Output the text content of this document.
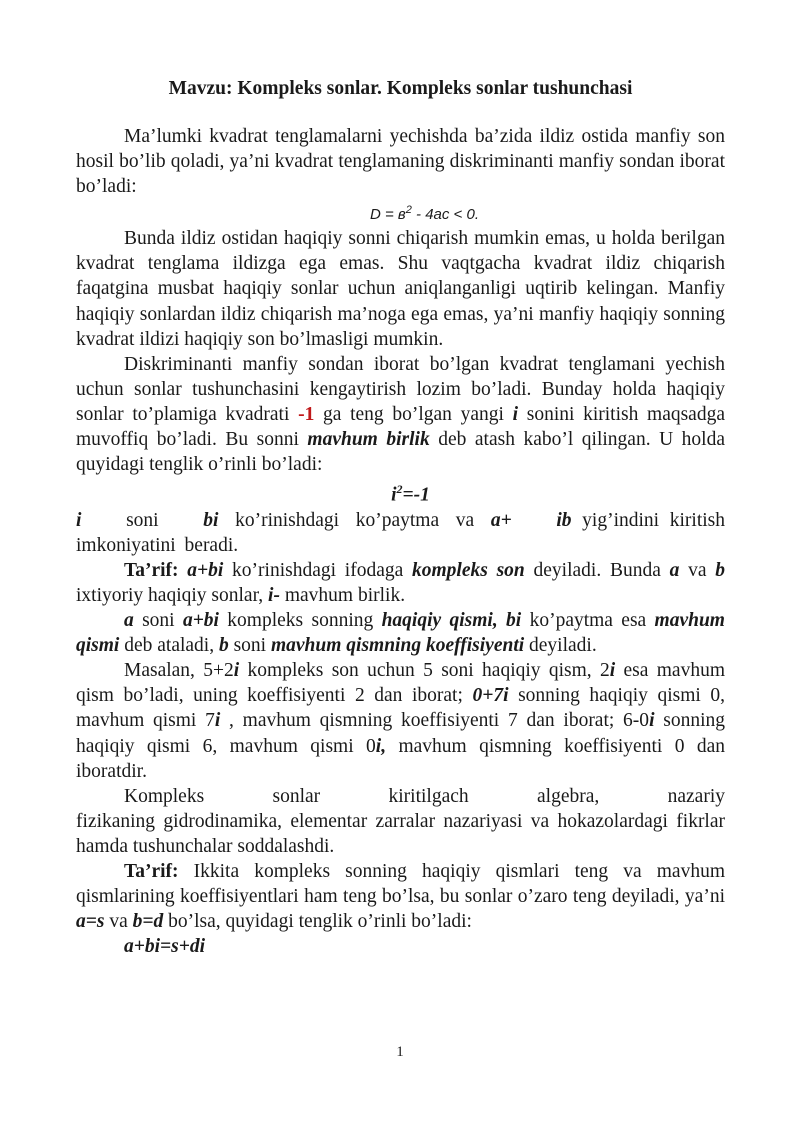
Mavzu: Kompleks sonlar. Kompleks sonlar tushunchasi

Ma’lumki kvadrat tenglamalarni yechishda ba’zida ildiz ostida manfiy son hosil bo’lib qoladi, ya’ni kvadrat tenglamaning diskriminanti manfiy sondan iborat bo’ladi:

$D = в^2 - 4ac < 0$.

Bunda ildiz ostidan haqiqiy sonni chiqarish mumkin emas, u holda berilgan kvadrat tenglama ildizga ega emas. Shu vaqtgacha kvadrat ildiz chiqarish faqatgina musbat haqiqiy sonlar uchun aniqlanganligi uqtirib kelingan. Manfiy haqiqiy sonlardan ildiz chiqarish ma’noga ega emas, ya’ni manfiy haqiqiy sonning kvadrat ildizi haqiqiy son bo’lmasligi mumkin.

Diskriminanti manfiy sondan iborat bo’lgan kvadrat tenglamani yechish uchun sonlar tushunchasini kengaytirish lozim bo’ladi. Bunday holda haqiqiy sonlar to’plamiga kvadrati -1 ga teng bo’lgan yangi i sonini kiritish maqsadga muvoffiq bo’ladi. Bu sonni mavhum birlik deb atash kabo’l qilingan. U holda quyidagi tenglik o’rinli bo’ladi:

$i^2=-1$

i soni bi ko’rinishdagi ko’paytma va a+ ib yig’indini kiritish imkoniyatini beradi.

Ta’rif: a+bi ko’rinishdagi ifodaga kompleks son deyiladi. Bunda a va b ixtiyoriy haqiqiy sonlar, i- mavhum birlik.

a soni a+bi kompleks sonning haqiqiy qismi, bi ko’paytma esa mavhum qismi deb ataladi, b soni mavhum qismning koeffisiyenti deyiladi.

Masalan, 5+2i kompleks son uchun 5 soni haqiqiy qism, 2i esa mavhum qism bo’ladi, uning koeffisiyenti 2 dan iborat; 0+7i sonning haqiqiy qismi 0, mavhum qismi 7i , mavhum qismning koeffisiyenti 7 dan iborat; 6-0i sonning haqiqiy qismi 6, mavhum qismi 0i, mavhum qismning koeffisiyenti 0 dan iboratdir.

Kompleks sonlar kiritilgach algebra, nazariy fizikaning gidrodinamika, elementar zarralar nazariyasi va hokazolardagi fikrlar hamda tushunchalar soddalashdi.

Ta’rif: Ikkita kompleks sonning haqiqiy qismlari teng va mavhum qismlarining koeffisiyentlari ham teng bo’lsa, bu sonlar o’zaro teng deyiladi, ya’ni a=s va b=d bo’lsa, quyidagi tenglik o’rinli bo’ladi:

a+bi=s+di

1
